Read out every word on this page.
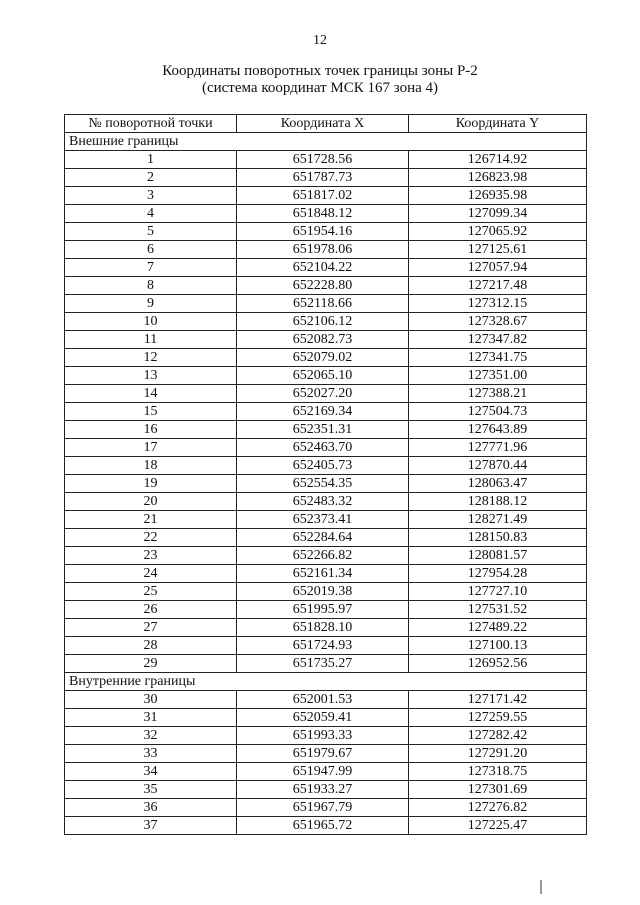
12
Координаты поворотных точек границы зоны Р-2
(система координат МСК 167 зона 4)
№ поворотной точки	Координата X	Координата Y
Внешние границы		
1	651728.56	126714.92
2	651787.73	126823.98
3	651817.02	126935.98
4	651848.12	127099.34
5	651954.16	127065.92
6	651978.06	127125.61
7	652104.22	127057.94
8	652228.80	127217.48
9	652118.66	127312.15
10	652106.12	127328.67
11	652082.73	127347.82
12	652079.02	127341.75
13	652065.10	127351.00
14	652027.20	127388.21
15	652169.34	127504.73
16	652351.31	127643.89
17	652463.70	127771.96
18	652405.73	127870.44
19	652554.35	128063.47
20	652483.32	128188.12
21	652373.41	128271.49
22	652284.64	128150.83
23	652266.82	128081.57
24	652161.34	127954.28
25	652019.38	127727.10
26	651995.97	127531.52
27	651828.10	127489.22
28	651724.93	127100.13
29	651735.27	126952.56
Внутренние границы		
30	652001.53	127171.42
31	652059.41	127259.55
32	651993.33	127282.42
33	651979.67	127291.20
34	651947.99	127318.75
35	651933.27	127301.69
36	651967.79	127276.82
37	651965.72	127225.47
